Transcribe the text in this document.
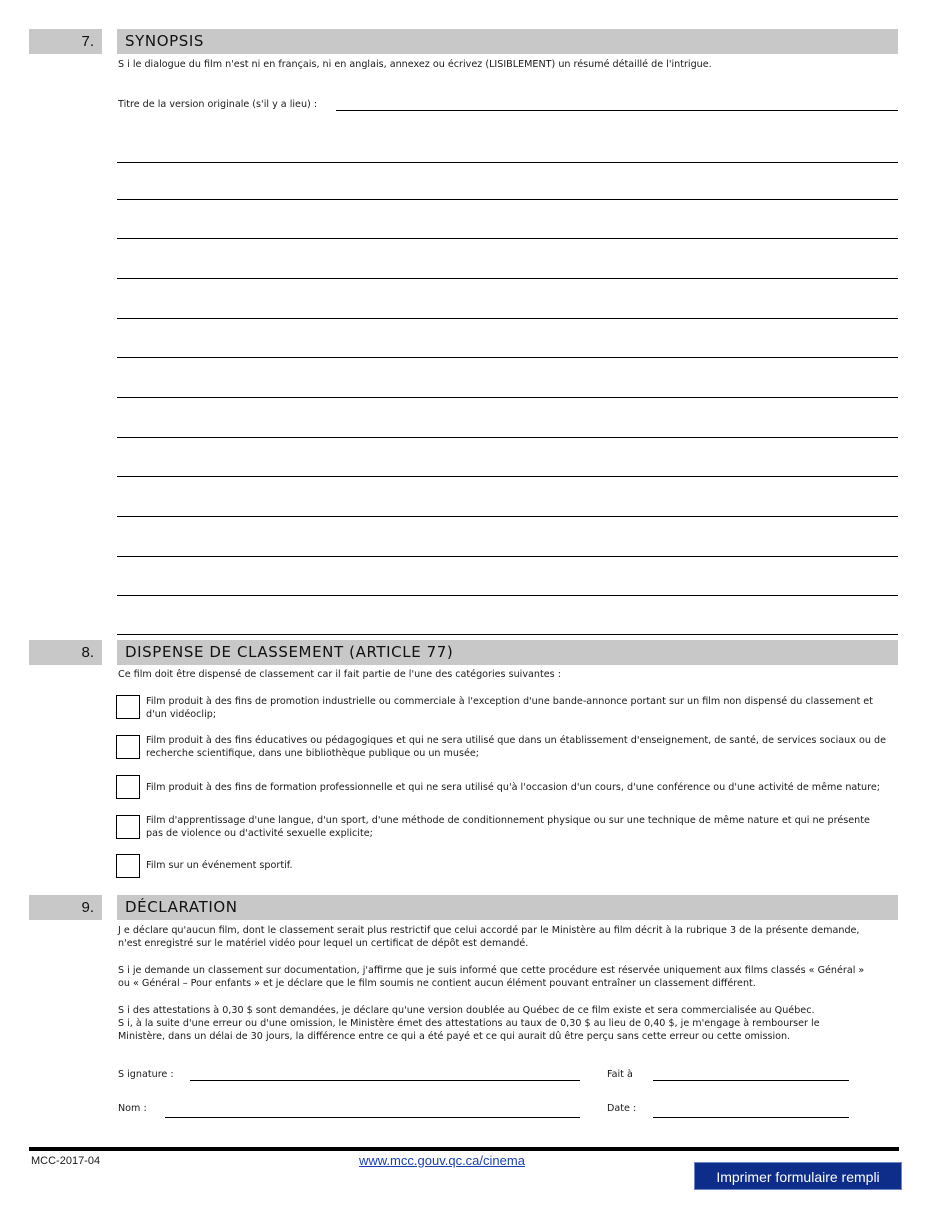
7.	SYNOPSIS
S i le dialogue du film n'est ni en français, ni en anglais, annexez ou écrivez (LISIBLEMENT) un résumé détaillé de l'intrigue.
Titre de la version originale (s'il y a lieu) :
8.	DISPENSE DE CLASSEMENT (ARTICLE 77)
Ce film doit être dispensé de classement car il fait partie de l'une des catégories suivantes :
Film produit à des fins de promotion industrielle ou commerciale à l'exception d'une bande-annonce portant sur un film non dispensé du classement et d'un vidéoclip;
Film produit à des fins éducatives ou pédagogiques et qui ne sera utilisé que dans un établissement d'enseignement, de santé, de services sociaux ou de recherche scientifique, dans une bibliothèque publique ou un musée;
Film produit à des fins de formation professionnelle et qui ne sera utilisé qu'à l'occasion d'un cours, d'une conférence ou d'une activité de même nature;
Film d'apprentissage d'une langue, d'un sport, d'une méthode de conditionnement physique ou sur une technique de même nature et qui ne présente pas de violence ou d'activité sexuelle explicite;
Film sur un événement sportif.
9.	DÉCLARATION
J e déclare qu'aucun film, dont le classement serait plus restrictif que celui accordé par le Ministère au film décrit à la rubrique 3 de la présente demande, n'est enregistré sur le matériel vidéo pour lequel un certificat de dépôt est demandé.
S i je demande un classement sur documentation, j'affirme que je suis informé que cette procédure est réservée uniquement aux films classés « Général » ou « Général – Pour enfants » et je déclare que le film soumis ne contient aucun élément pouvant entraîner un classement différent.
S i des attestations à 0,30 $ sont demandées, je déclare qu'une version doublée au Québec de ce film existe et sera commercialisée au Québec.
S i, à la suite d'une erreur ou d'une omission, le Ministère émet des attestations au taux de 0,30 $ au lieu de 0,40 $, je m'engage à rembourser le Ministère, dans un délai de 30 jours, la différence entre ce qui a été payé et ce qui aurait dû être perçu sans cette erreur ou cette omission.
S ignature :	Fait à
Nom :	Date :
MCC-2017-04	www.mcc.gouv.qc.ca/cinema
Imprimer formulaire rempli
